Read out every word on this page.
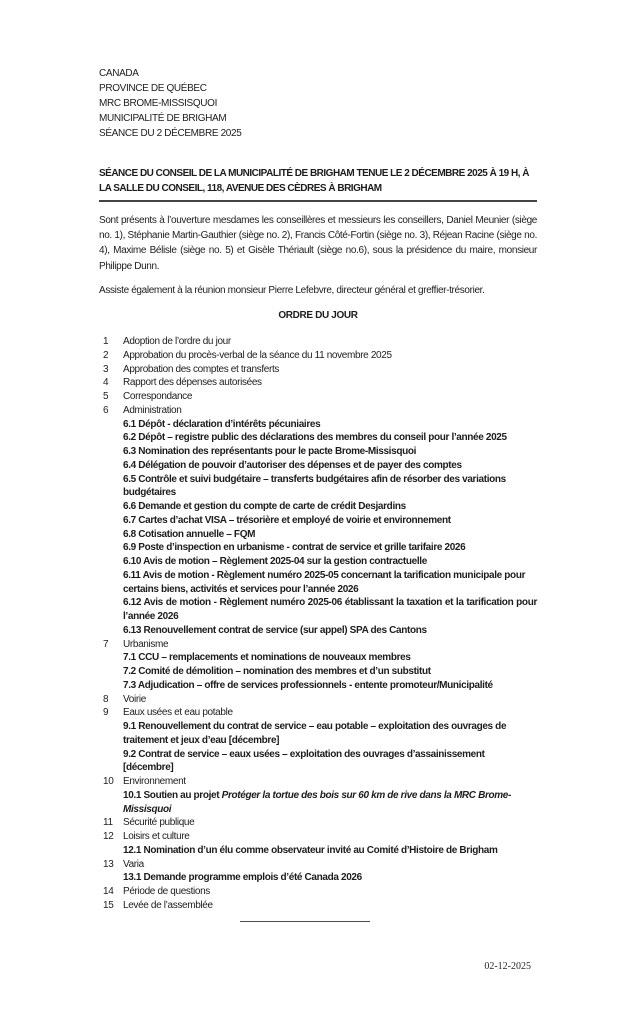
CANADA
PROVINCE DE QUÉBEC
MRC BROME-MISSISQUOI
MUNICIPALITÉ DE BRIGHAM
SÉANCE DU 2 DÉCEMBRE 2025
SÉANCE DU CONSEIL DE LA MUNICIPALITÉ DE BRIGHAM TENUE LE 2 DÉCEMBRE 2025 À 19 H, À LA SALLE DU CONSEIL, 118, AVENUE DES CÈDRES À BRIGHAM

Sont présents à l’ouverture mesdames les conseillères et messieurs les conseillers, Daniel Meunier (siège no. 1), Stéphanie Martin-Gauthier (siège no. 2), Francis Côté-Fortin (siège no. 3), Réjean Racine (siège no. 4), Maxime Bélisle (siège no. 5) et Gisèle Thériault (siège no.6), sous la présidence du maire, monsieur Philippe Dunn.

Assiste également à la réunion monsieur Pierre Lefebvre, directeur général et greffier-trésorier.

ORDRE DU JOUR
1	Adoption de l’ordre du jour
2	Approbation du procès-verbal de la séance du 11 novembre 2025
3	Approbation des comptes et transferts
4	Rapport des dépenses autorisées
5	Correspondance
6	Administration
6.1 Dépôt - déclaration d’intérêts pécuniaires
6.2 Dépôt – registre public des déclarations des membres du conseil pour l’année 2025
6.3 Nomination des représentants pour le pacte Brome-Missisquoi
6.4 Délégation de pouvoir d’autoriser des dépenses et de payer des comptes
6.5 Contrôle et suivi budgétaire – transferts budgétaires afin de résorber des variations budgétaires
6.6 Demande et gestion du compte de carte de crédit Desjardins
6.7 Cartes d’achat VISA – trésorière et employé de voirie et environnement
6.8 Cotisation annuelle – FQM
6.9 Poste d’inspection en urbanisme - contrat de service et grille tarifaire 2026
6.10 Avis de motion – Règlement 2025-04 sur la gestion contractuelle
6.11 Avis de motion - Règlement numéro 2025-05 concernant la tarification municipale pour certains biens, activités et services pour l’année 2026
6.12 Avis de motion - Règlement numéro 2025-06 établissant la taxation et la tarification pour l’année 2026
6.13 Renouvellement contrat de service (sur appel) SPA des Cantons
7	Urbanisme
7.1 CCU – remplacements et nominations de nouveaux membres
7.2 Comité de démolition – nomination des membres et d’un substitut
7.3 Adjudication – offre de services professionnels - entente promoteur/Municipalité
8	Voirie
9	Eaux usées et eau potable
9.1 Renouvellement du contrat de service – eau potable – exploitation des ouvrages de traitement et jeux d’eau [décembre]
9.2 Contrat de service – eaux usées – exploitation des ouvrages d’assainissement [décembre]
10 Environnement
10.1 Soutien au projet Protéger la tortue des bois sur 60 km de rive dans la MRC Brome-Missisquoi
11	Sécurité publique
12 Loisirs et culture
12.1 Nomination d’un élu comme observateur invité au Comité d’Histoire de Brigham
13 Varia
13.1 Demande programme emplois d’été Canada 2026
14 Période de questions
15 Levée de l’assemblée
02-12-2025
